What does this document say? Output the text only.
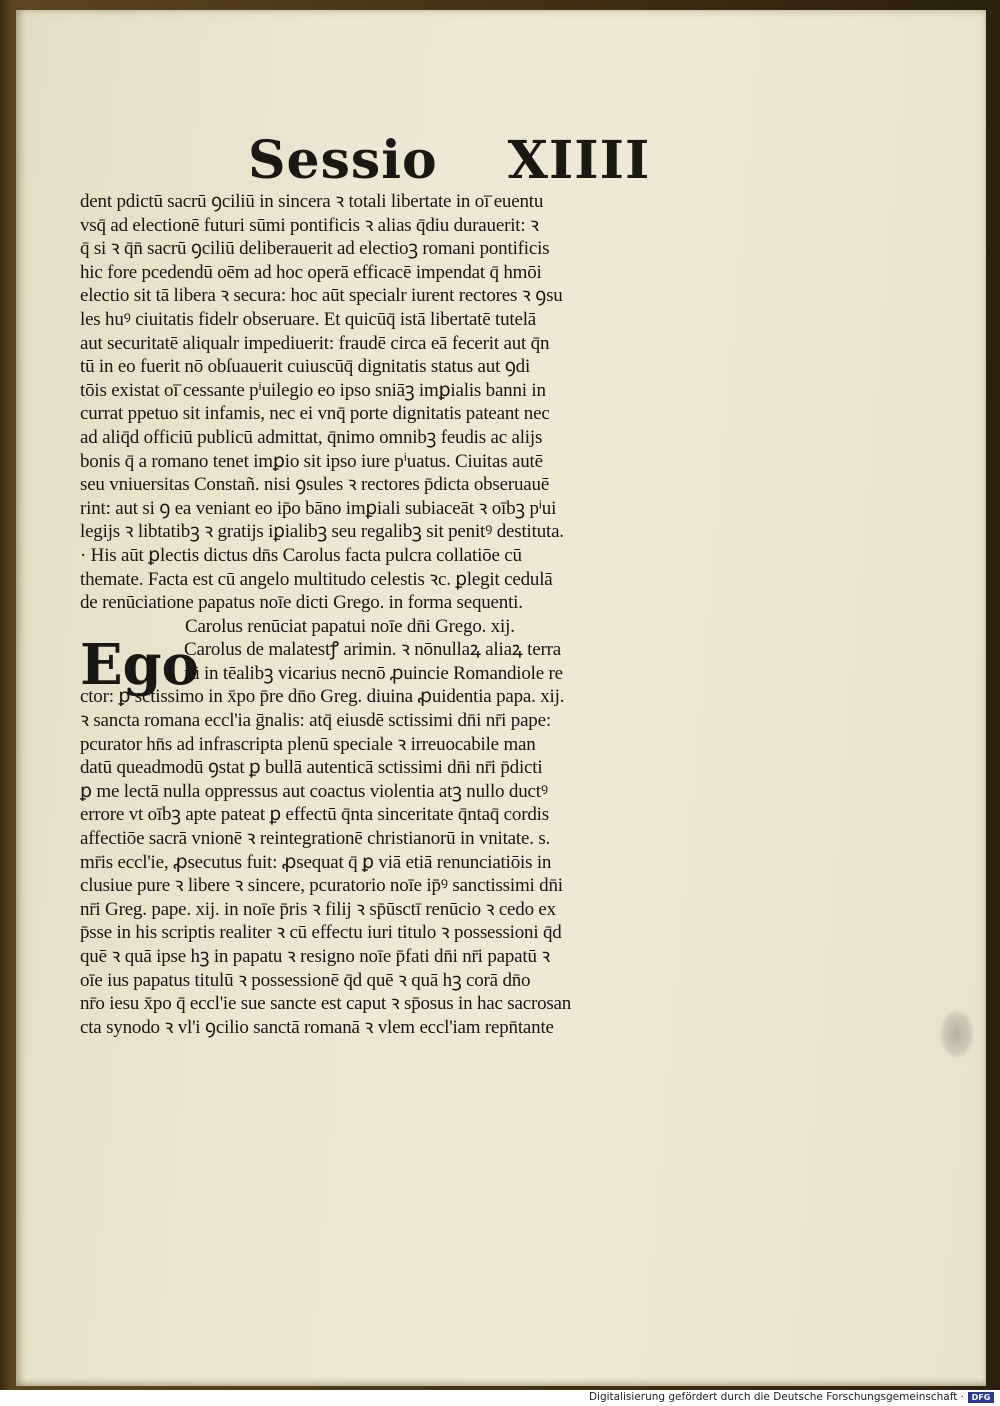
Sessio XIIII
dent pdictū sacrū ꝯciliū in sincera ꝛ totali libertate in oī̄ euentu
vsq̄ ad electionē futuri sūmi pontificis ꝛ alias q̄diu durauerit: ꝛ
q̄ si ꝛ q̄n̄ sacrū ꝯciliū deliberauerit ad electioꝫ romani pontificis
hic fore pcedendū oēm ad hoc operā efficacē impendat q̄ hmōi
electio sit tā libera ꝛ secura: hoc aūt specialr iurent rectores ꝛ ꝯsu
les huꝰ ciuitatis fidelr obseruare. Et quicūq̄ istā libertatē tutelā
aut securitatē aliqualr impediuerit: fraudē circa eā fecerit aut q̄n
tū in eo fuerit nō obſuauerit cuiuscūq̄ dignitatis status aut ꝯdi
tōis existat oī̄ cessante pⁱuilegio eo ipso sniāꝫ imꝑialis banni in
currat ppetuo sit infamis, nec ei vnq̄ porte dignitatis pateant nec
ad aliq̄d officiū publicū admittat, q̄nimo omnibꝫ feudis ac alijs
bonis q̄ a romano tenet imꝑio sit ipso iure pⁱuatus. Ciuitas autē
seu vniuersitas Constañ. nisi ꝯsules ꝛ rectores p̄dicta obseruauē
rint: aut si ꝯ ea veniant eo ip̄o bāno imꝑiali subiaceāt ꝛ oībꝫ pⁱui
legijs ꝛ libtatibꝫ ꝛ gratijs iꝑialibꝫ seu regalibꝫ sit penitꝰ destituta.
· His aūt ꝑlectis dictus dn̄s Carolus facta pulcra collatiōe cū
themate. Facta est cū angelo multitudo celestis ꝛc. ꝑlegit cedulā
de renūciatione papatus noīe dicti Grego. in forma sequenti.
Carolus renūciat papatui noīe dn̄i Grego. xij.
Ego
Carolus de malatestꝭ arimin. ꝛ nōnullaꝝ aliaꝝ terra
rū in tēalibꝫ vicarius necnō ꝓuincie Romandiole re
ctor: ꝑ sctissimo in x̄po p̄re dn̄o Greg. diuina ꝓuidentia papa. xij.
ꝛ sancta romana eccl'ia ḡnalis: atq̄ eiusdē sctissimi dn̄i nr̄i pape:
pcurator hn̄s ad infrascripta plenū speciale ꝛ irreuocabile man
datū queadmodū ꝯstat ꝑ bullā autenticā sctissimi dn̄i nr̄i p̄dicti
ꝑ me lectā nulla oppressus aut coactus violentia atꝫ nullo ductꝰ
errore vt oībꝫ apte pateat ꝑ effectū q̄nta sinceritate q̄ntaq̄ cordis
affectiōe sacrā vnionē ꝛ reintegrationē christianorū in vnitate. s.
mr̄is eccl'ie, ꝓsecutus fuit: ꝓsequat q̄ ꝑ viā etiā renunciatiōis in
clusiue pure ꝛ libere ꝛ sincere, pcuratorio noīe ip̄ꝰ sanctissimi dn̄i
nr̄i Greg. pape. xij. in noīe p̄ris ꝛ filij ꝛ sp̄ūsctī renūcio ꝛ cedo ex
p̄sse in his scriptis realiter ꝛ cū effectu iuri titulo ꝛ possessioni q̄d
quē ꝛ quā ipse hꝫ in papatu ꝛ resigno noīe p̄fati dn̄i nr̄i papatū ꝛ
oīe ius papatus titulū ꝛ possessionē q̄d quē ꝛ quā hꝫ corā dn̄o
nr̄o iesu x̄po q̄ eccl'ie sue sancte est caput ꝛ sp̄osus in hac sacrosan
cta synodo ꝛ vl'i ꝯcilio sanctā romanā ꝛ vlem eccl'iam repn̄tante
Digitalisierung gefördert durch die Deutsche Forschungsgemeinschaft · DFG
